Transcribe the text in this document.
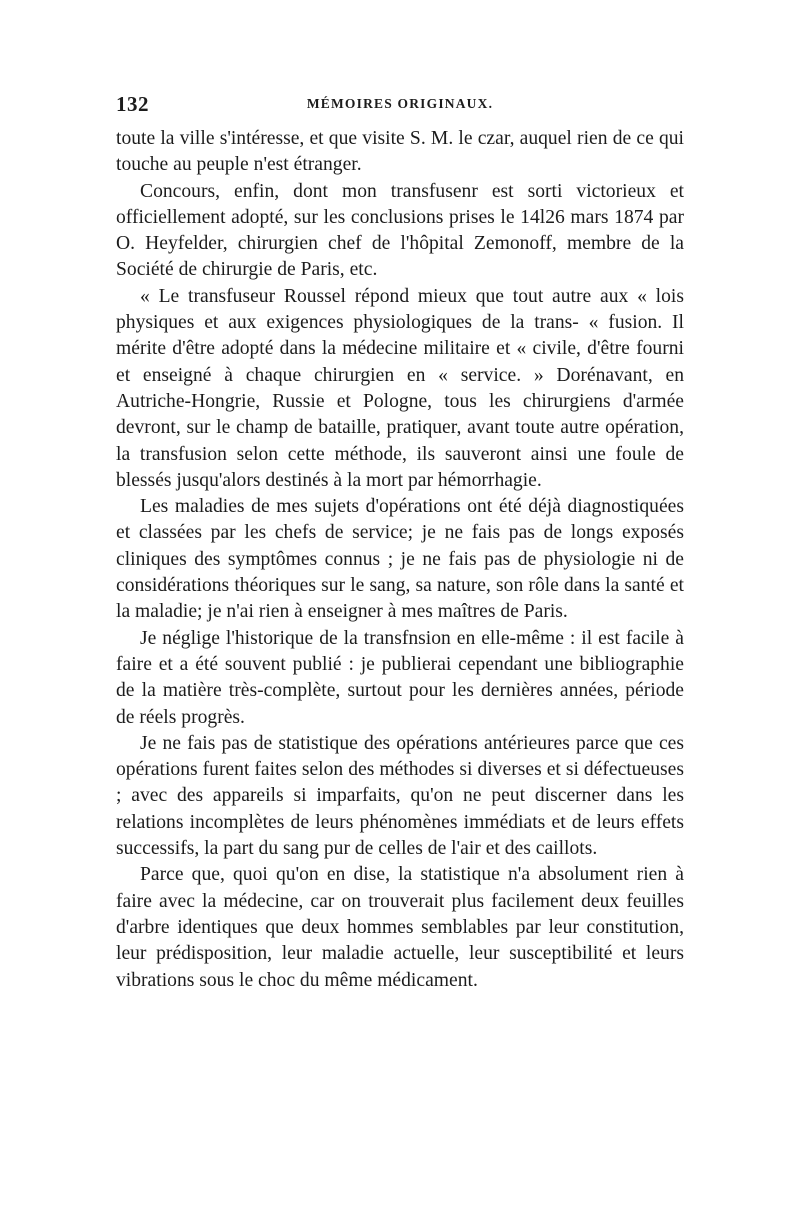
132	MÉMOIRES ORIGINAUX.

toute la ville s'intéresse, et que visite S. M. le czar, auquel rien de ce qui touche au peuple n'est étranger.

Concours, enfin, dont mon transfusenr est sorti victorieux et officiellement adopté, sur les conclusions prises le 14l26 mars 1874 par O. Heyfelder, chirurgien chef de l'hôpital Zemonoff, membre de la Société de chirurgie de Paris, etc.

« Le transfuseur Roussel répond mieux que tout autre aux « lois physiques et aux exigences physiologiques de la trans- « fusion. Il mérite d'être adopté dans la médecine militaire et « civile, d'être fourni et enseigné à chaque chirurgien en « service. » Dorénavant, en Autriche-Hongrie, Russie et Pologne, tous les chirurgiens d'armée devront, sur le champ de bataille, pratiquer, avant toute autre opération, la transfusion selon cette méthode, ils sauveront ainsi une foule de blessés jusqu'alors destinés à la mort par hémorrhagie.

Les maladies de mes sujets d'opérations ont été déjà diagnostiquées et classées par les chefs de service; je ne fais pas de longs exposés cliniques des symptômes connus ; je ne fais pas de physiologie ni de considérations théoriques sur le sang, sa nature, son rôle dans la santé et la maladie; je n'ai rien à enseigner à mes maîtres de Paris.

Je néglige l'historique de la transfnsion en elle-même : il est facile à faire et a été souvent publié : je publierai cependant une bibliographie de la matière très-complète, surtout pour les dernières années, période de réels progrès.

Je ne fais pas de statistique des opérations antérieures parce que ces opérations furent faites selon des méthodes si diverses et si défectueuses ; avec des appareils si imparfaits, qu'on ne peut discerner dans les relations incomplètes de leurs phénomènes immédiats et de leurs effets successifs, la part du sang pur de celles de l'air et des caillots.

Parce que, quoi qu'on en dise, la statistique n'a absolument rien à faire avec la médecine, car on trouverait plus facilement deux feuilles d'arbre identiques que deux hommes semblables par leur constitution, leur prédisposition, leur maladie actuelle, leur susceptibilité et leurs vibrations sous le choc du même médicament.
